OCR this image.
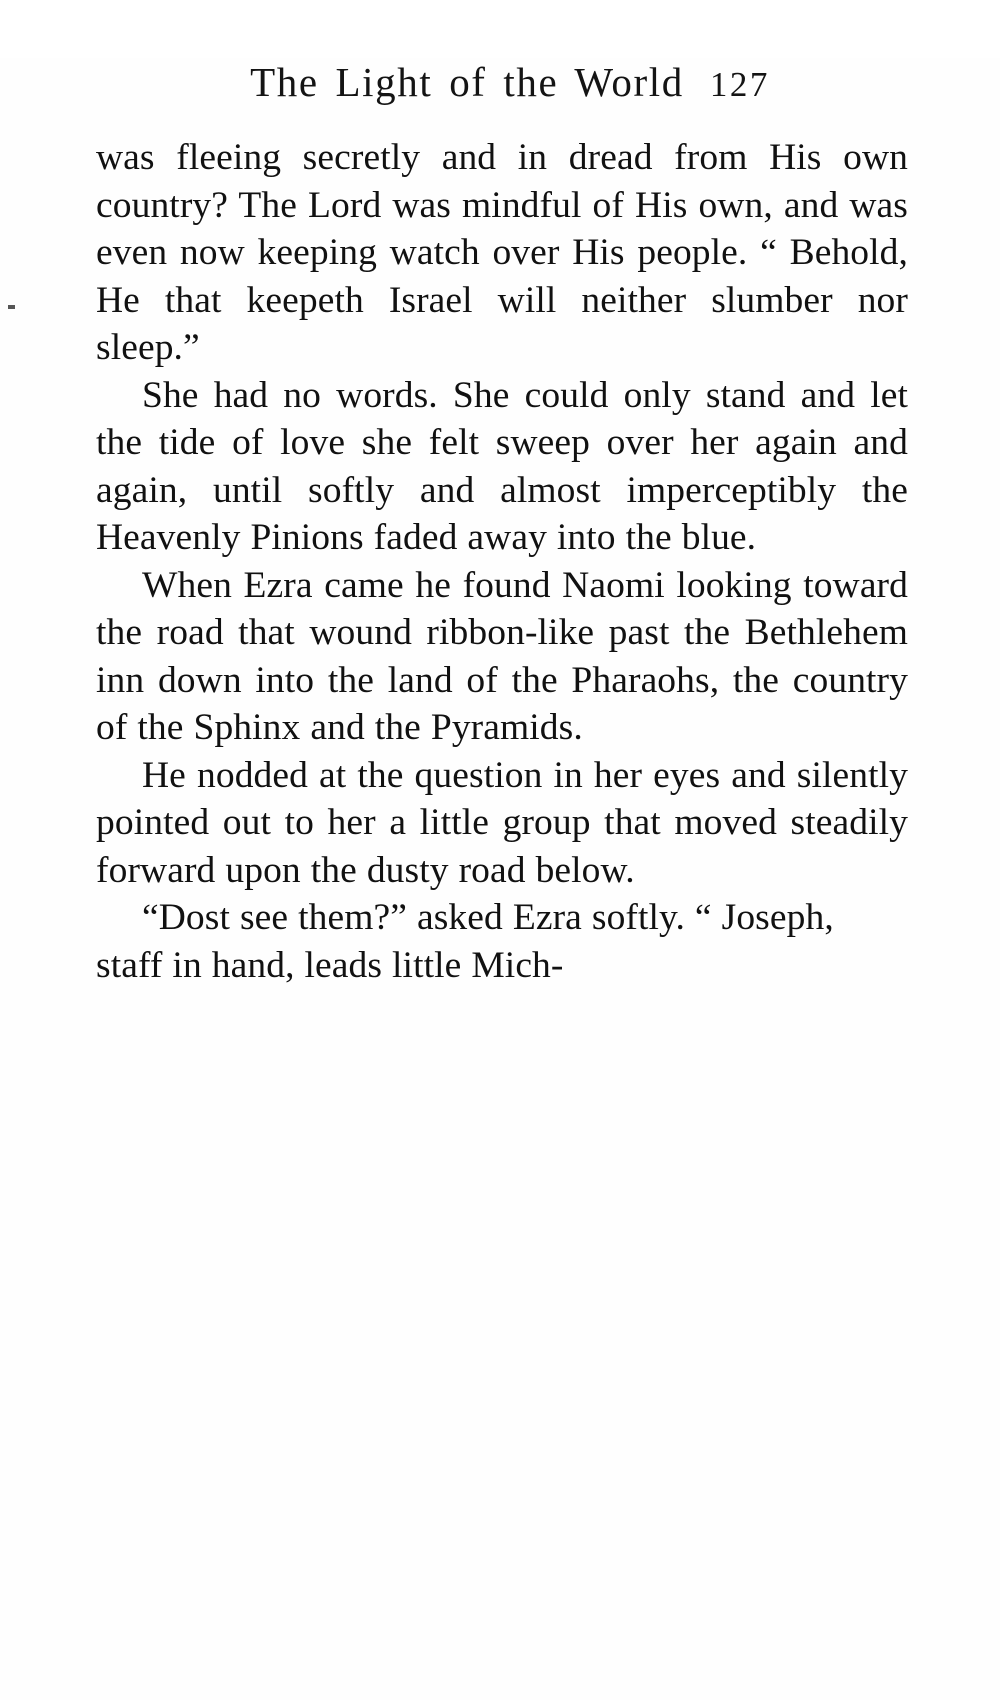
The Light of the World 127

was fleeing secretly and in dread from His own country? The Lord was mindful of His own, and was even now keeping watch over His people. “ Behold, He that keepeth Israel will neither slumber nor sleep.”

She had no words. She could only stand and let the tide of love she felt sweep over her again and again, until softly and almost imperceptibly the Heavenly Pinions faded away into the blue.

When Ezra came he found Naomi looking toward the road that wound ribbon-like past the Bethlehem inn down into the land of the Pharaohs, the country of the Sphinx and the Pyramids.

He nodded at the question in her eyes and silently pointed out to her a little group that moved steadily forward upon the dusty road below.

“Dost see them?” asked Ezra softly. “ Joseph, staff in hand, leads little Mich-
